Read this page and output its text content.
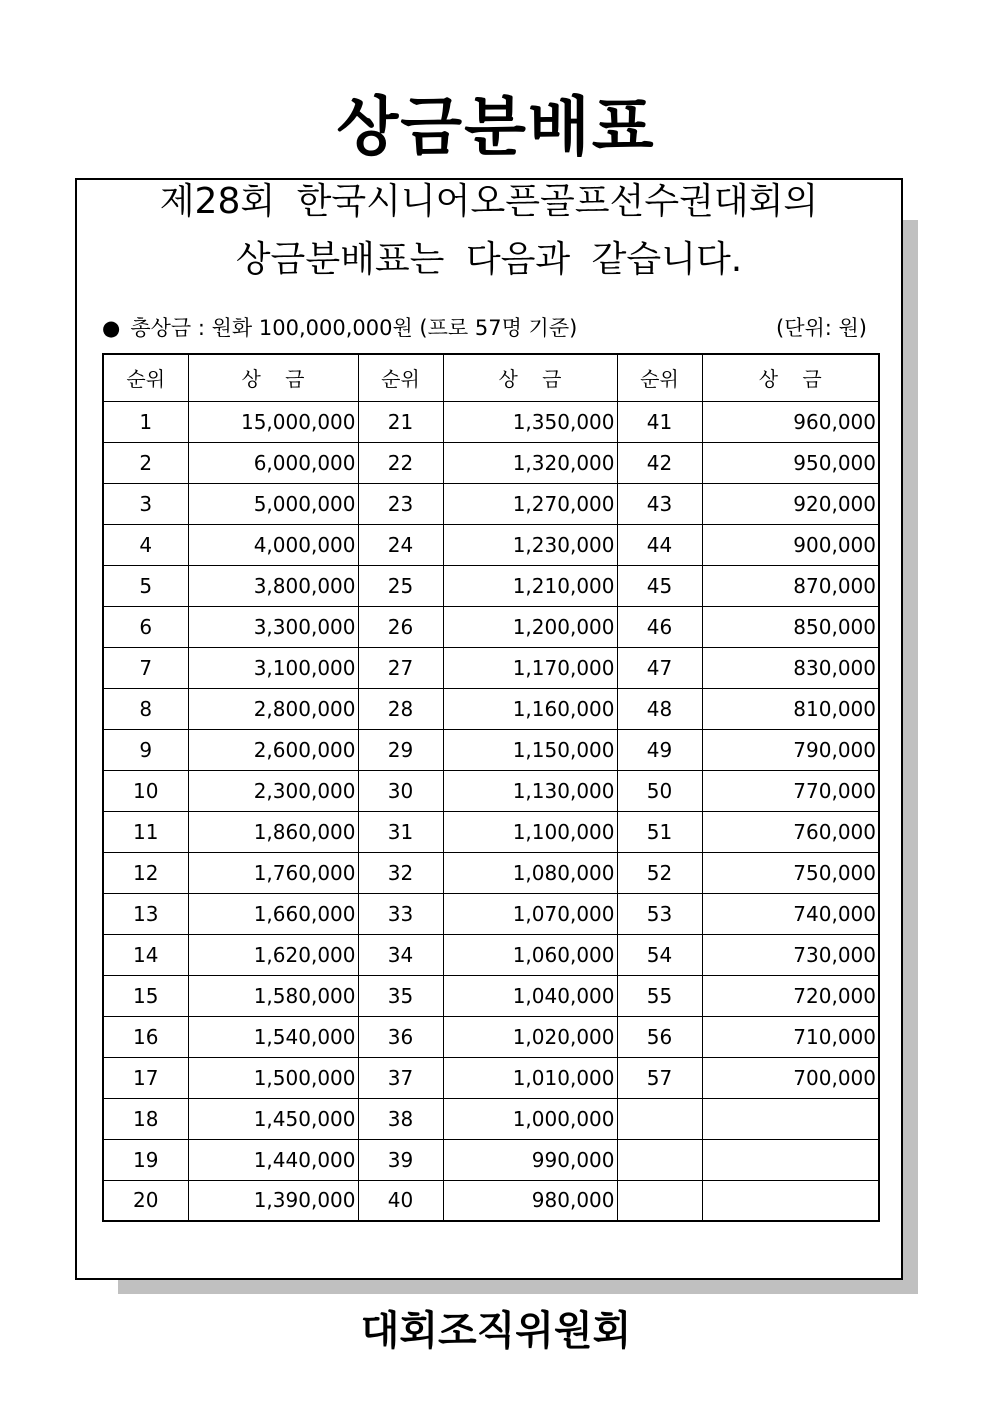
상금분배표
제28회 한국시니어오픈골프선수권대회의
상금분배표는 다음과 같습니다.
● 총상금 : 원화 100,000,000원 (프로 57명 기준)	(단위: 원)
순위	상 금	순위	상 금	순위	상 금
1	15,000,000	21	1,350,000	41	960,000
2	6,000,000	22	1,320,000	42	950,000
3	5,000,000	23	1,270,000	43	920,000
4	4,000,000	24	1,230,000	44	900,000
5	3,800,000	25	1,210,000	45	870,000
6	3,300,000	26	1,200,000	46	850,000
7	3,100,000	27	1,170,000	47	830,000
8	2,800,000	28	1,160,000	48	810,000
9	2,600,000	29	1,150,000	49	790,000
10	2,300,000	30	1,130,000	50	770,000
11	1,860,000	31	1,100,000	51	760,000
12	1,760,000	32	1,080,000	52	750,000
13	1,660,000	33	1,070,000	53	740,000
14	1,620,000	34	1,060,000	54	730,000
15	1,580,000	35	1,040,000	55	720,000
16	1,540,000	36	1,020,000	56	710,000
17	1,500,000	37	1,010,000	57	700,000
18	1,450,000	38	1,000,000		
19	1,440,000	39	990,000		
20	1,390,000	40	980,000		
대회조직위원회
